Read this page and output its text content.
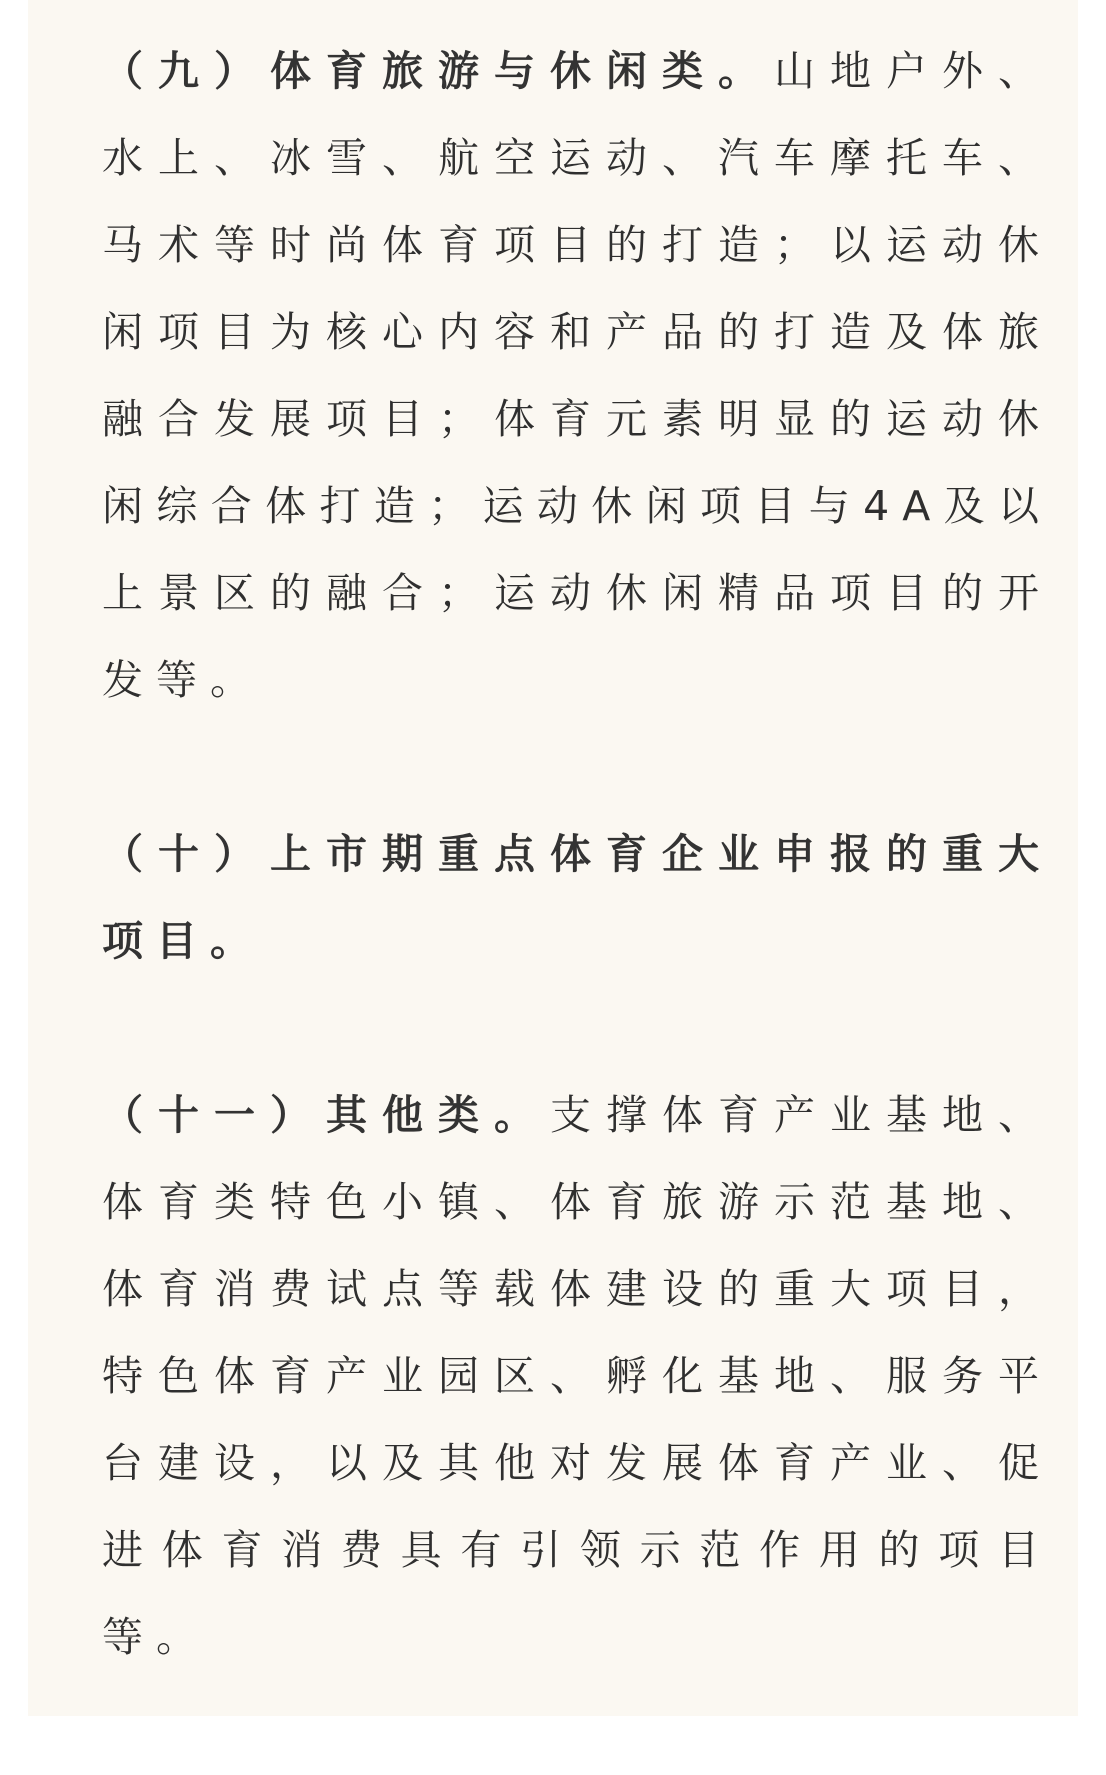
（九）体育旅游与休闲类。山地户外、水上、冰雪、航空运动、汽车摩托车、马术等时尚体育项目的打造；以运动休闲项目为核心内容和产品的打造及体旅融合发展项目；体育元素明显的运动休闲综合体打造；运动休闲项目与4A及以上景区的融合；运动休闲精品项目的开发等。

（十）上市期重点体育企业申报的重大项目。

（十一）其他类。支撑体育产业基地、体育类特色小镇、体育旅游示范基地、体育消费试点等载体建设的重大项目，特色体育产业园区、孵化基地、服务平台建设，以及其他对发展体育产业、促进体育消费具有引领示范作用的项目等。
